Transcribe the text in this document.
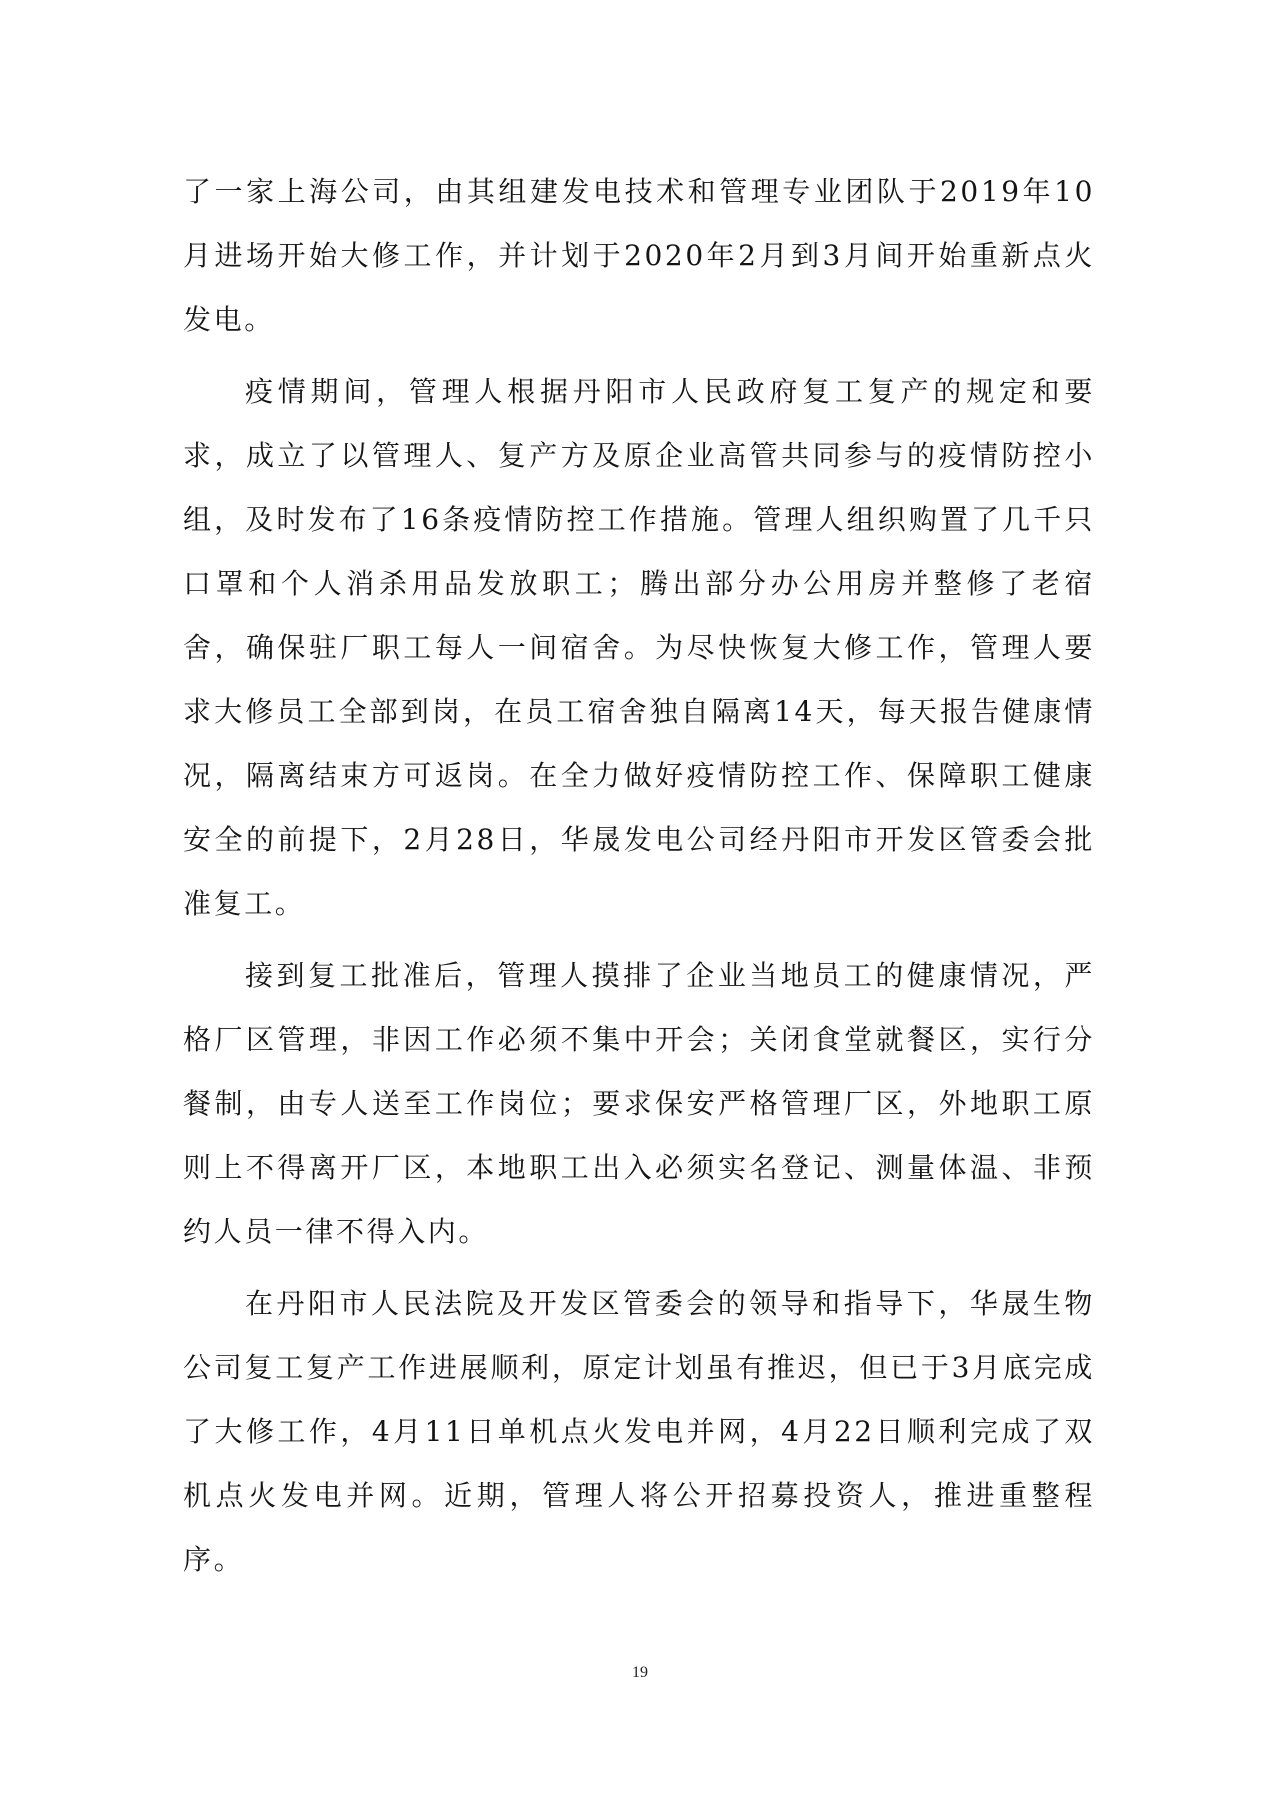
了一家上海公司，由其组建发电技术和管理专业团队于2019年10月进场开始大修工作，并计划于2020年2月到3月间开始重新点火发电。

疫情期间，管理人根据丹阳市人民政府复工复产的规定和要求，成立了以管理人、复产方及原企业高管共同参与的疫情防控小组，及时发布了16条疫情防控工作措施。管理人组织购置了几千只口罩和个人消杀用品发放职工；腾出部分办公用房并整修了老宿舍，确保驻厂职工每人一间宿舍。为尽快恢复大修工作，管理人要求大修员工全部到岗，在员工宿舍独自隔离14天，每天报告健康情况，隔离结束方可返岗。在全力做好疫情防控工作、保障职工健康安全的前提下，2月28日，华晟发电公司经丹阳市开发区管委会批准复工。

接到复工批准后，管理人摸排了企业当地员工的健康情况，严格厂区管理，非因工作必须不集中开会；关闭食堂就餐区，实行分餐制，由专人送至工作岗位；要求保安严格管理厂区，外地职工原则上不得离开厂区，本地职工出入必须实名登记、测量体温、非预约人员一律不得入内。

在丹阳市人民法院及开发区管委会的领导和指导下，华晟生物公司复工复产工作进展顺利，原定计划虽有推迟，但已于3月底完成了大修工作，4月11日单机点火发电并网，4月22日顺利完成了双机点火发电并网。近期，管理人将公开招募投资人，推进重整程序。

19
